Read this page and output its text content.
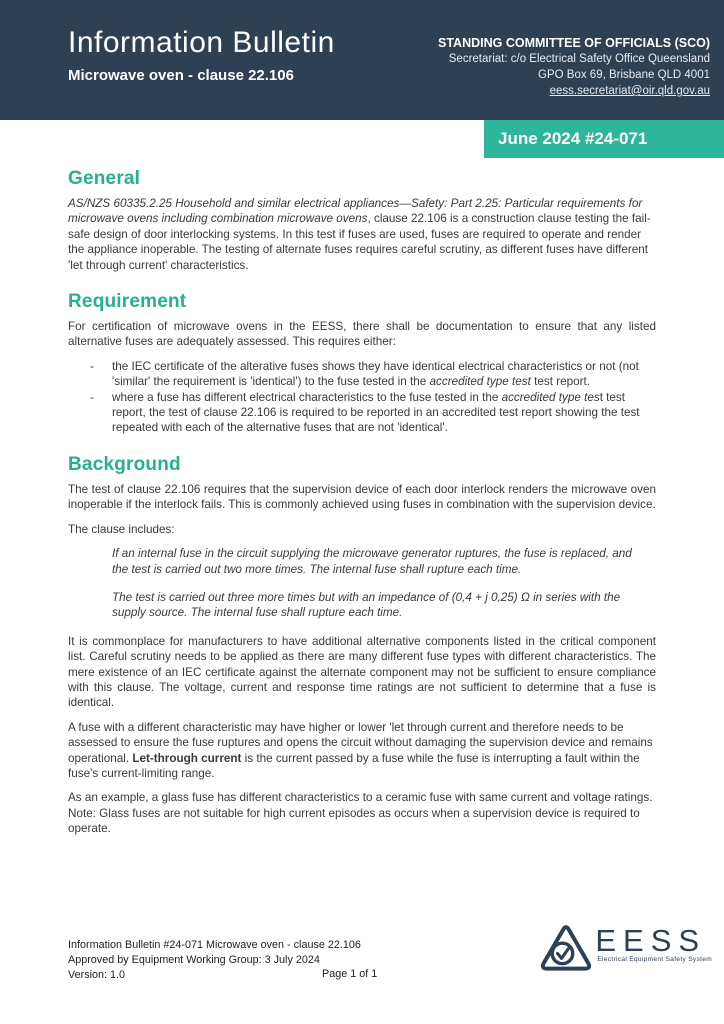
Information Bulletin
Microwave oven - clause 22.106
STANDING COMMITTEE OF OFFICIALS (SCO)
Secretariat: c/o Electrical Safety Office Queensland
GPO Box 69, Brisbane QLD 4001
eess.secretariat@oir.qld.gov.au
June 2024 #24-071
General

AS/NZS 60335.2.25 Household and similar electrical appliances—Safety: Part 2.25: Particular requirements for microwave ovens including combination microwave ovens, clause 22.106 is a construction clause testing the fail-safe design of door interlocking systems. In this test if fuses are used, fuses are required to operate and render the appliance inoperable. The testing of alternate fuses requires careful scrutiny, as different fuses have different 'let through current' characteristics.

Requirement

For certification of microwave ovens in the EESS, there shall be documentation to ensure that any listed alternative fuses are adequately assessed. This requires either:

-	the IEC certificate of the alterative fuses shows they have identical electrical characteristics or not (not 'similar' the requirement is 'identical') to the fuse tested in the accredited type test test report.
-	where a fuse has different electrical characteristics to the fuse tested in the accredited type test test report, the test of clause 22.106 is required to be reported in an accredited test report showing the test repeated with each of the alternative fuses that are not 'identical'.
Background

The test of clause 22.106 requires that the supervision device of each door interlock renders the microwave oven inoperable if the interlock fails. This is commonly achieved using fuses in combination with the supervision device.

The clause includes:

If an internal fuse in the circuit supplying the microwave generator ruptures, the fuse is replaced, and the test is carried out two more times. The internal fuse shall rupture each time.
The test is carried out three more times but with an impedance of (0,4 + j 0,25) Ω in series with the supply source. The internal fuse shall rupture each time.

It is commonplace for manufacturers to have additional alternative components listed in the critical component list. Careful scrutiny needs to be applied as there are many different fuse types with different characteristics. The mere existence of an IEC certificate against the alternate component may not be sufficient to ensure compliance with this clause. The voltage, current and response time ratings are not sufficient to determine that a fuse is identical.

A fuse with a different characteristic may have higher or lower 'let through current and therefore needs to be assessed to ensure the fuse ruptures and opens the circuit without damaging the supervision device and remains operational. Let-through current is the current passed by a fuse while the fuse is interrupting a fault within the fuse's current-limiting range.

As an example, a glass fuse has different characteristics to a ceramic fuse with same current and voltage ratings. Note: Glass fuses are not suitable for high current episodes as occurs when a supervision device is required to operate.

Information Bulletin #24-071 Microwave oven - clause 22.106
Approved by Equipment Working Group: 3 July 2024
Version: 1.0	Page 1 of 1
EESS
Electrical Equipment Safety System
